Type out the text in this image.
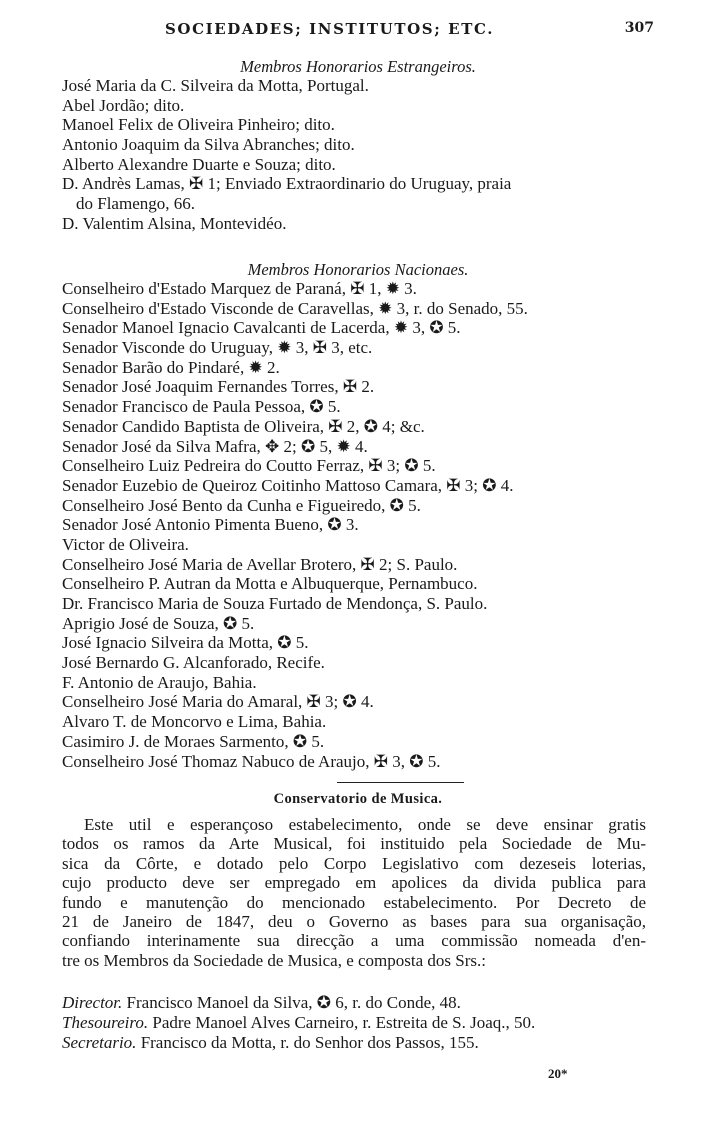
SOCIEDADES; INSTITUTOS; ETC.	307
Membros Honorarios Estrangeiros.
José Maria da C. Silveira da Motta, Portugal.
Abel Jordão; dito.
Manoel Felix de Oliveira Pinheiro; dito.
Antonio Joaquim da Silva Abranches; dito.
Alberto Alexandre Duarte e Souza; dito.
D. Andrès Lamas, ✠ 1; Enviado Extraordinario do Uruguay, praia
do Flamengo, 66.
D. Valentim Alsina, Montevidéo.
Membros Honorarios Nacionaes.
Conselheiro d'Estado Marquez de Paraná, ✠ 1, ✹ 3.
Conselheiro d'Estado Visconde de Caravellas, ✹ 3, r. do Senado, 55.
Senador Manoel Ignacio Cavalcanti de Lacerda, ✹ 3, ✪ 5.
Senador Visconde do Uruguay, ✹ 3, ✠ 3, etc.
Senador Barão do Pindaré, ✹ 2.
Senador José Joaquim Fernandes Torres, ✠ 2.
Senador Francisco de Paula Pessoa, ✪ 5.
Senador Candido Baptista de Oliveira, ✠ 2, ✪ 4; &c.
Senador José da Silva Mafra, ✥ 2; ✪ 5, ✹ 4.
Conselheiro Luiz Pedreira do Coutto Ferraz, ✠ 3; ✪ 5.
Senador Euzebio de Queiroz Coitinho Mattoso Camara, ✠ 3; ✪ 4.
Conselheiro José Bento da Cunha e Figueiredo, ✪ 5.
Senador José Antonio Pimenta Bueno, ✪ 3.
Victor de Oliveira.
Conselheiro José Maria de Avellar Brotero, ✠ 2; S. Paulo.
Conselheiro P. Autran da Motta e Albuquerque, Pernambuco.
Dr. Francisco Maria de Souza Furtado de Mendonça, S. Paulo.
Aprigio José de Souza, ✪ 5.
José Ignacio Silveira da Motta, ✪ 5.
José Bernardo G. Alcanforado, Recife.
F. Antonio de Araujo, Bahia.
Conselheiro José Maria do Amaral, ✠ 3; ✪ 4.
Alvaro T. de Moncorvo e Lima, Bahia.
Casimiro J. de Moraes Sarmento, ✪ 5.
Conselheiro José Thomaz Nabuco de Araujo, ✠ 3, ✪ 5.
Conservatorio de Musica.
Este util e esperançoso estabelecimento, onde se deve ensinar gratis
todos os ramos da Arte Musical, foi instituido pela Sociedade de Mu-
sica da Côrte, e dotado pelo Corpo Legislativo com dezeseis loterias,
cujo producto deve ser empregado em apolices da divida publica para
fundo e manutenção do mencionado estabelecimento. Por Decreto de
21 de Janeiro de 1847, deu o Governo as bases para sua organisação,
confiando interinamente sua direcção a uma commissão nomeada d'en-
tre os Membros da Sociedade de Musica, e composta dos Srs.:
Director. Francisco Manoel da Silva, ✪ 6, r. do Conde, 48.
Thesoureiro. Padre Manoel Alves Carneiro, r. Estreita de S. Joaq., 50.
Secretario. Francisco da Motta, r. do Senhor dos Passos, 155.
20*
